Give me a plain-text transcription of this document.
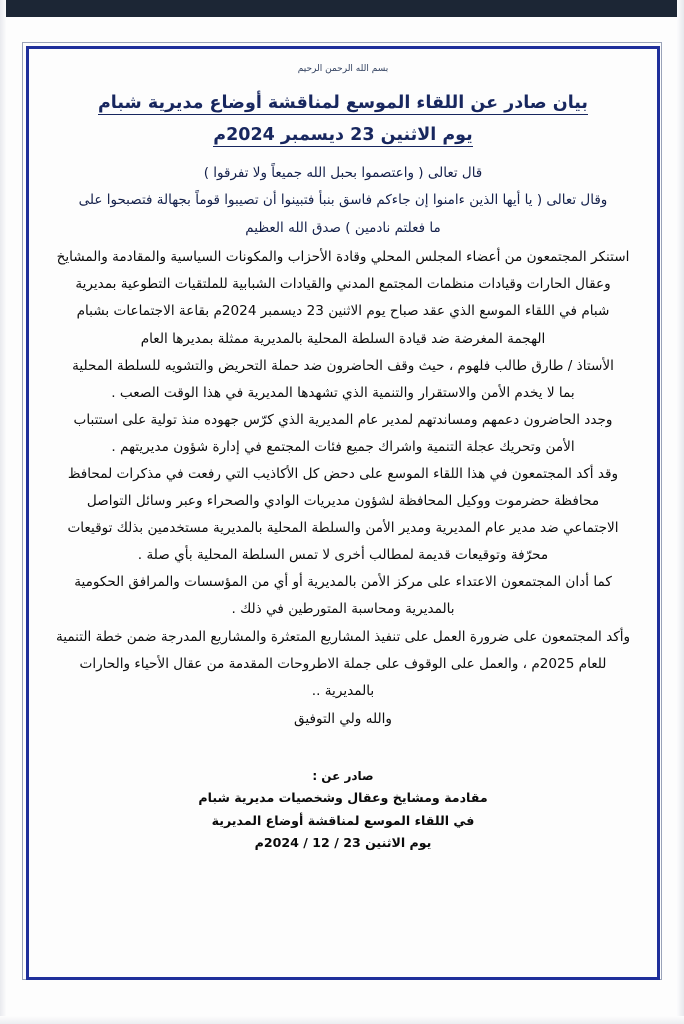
بسم الله الرحمن الرحيم
بيان صادر عن اللقاء الموسع لمناقشة أوضاع مديرية شبام
يوم الاثنين 23 ديسمبر 2024م
قال تعالى ( واعتصموا بحبل الله جميعاً ولا تفرقوا )
وقال تعالى ( يا أيها الذين ءامنوا إن جاءكم فاسق بنبأ فتبينوا أن تصيبوا قوماً بجهالة فتصبحوا على
ما فعلتم نادمين ) صدق الله العظيم
استنكر المجتمعون من أعضاء المجلس المحلي وقادة الأحزاب والمكونات السياسية والمقادمة والمشايخ
وعقال الحارات وقيادات منظمات المجتمع المدني والقيادات الشبابية للملتقيات التطوعية بمديرية
شبام في اللقاء الموسع الذي عقد صباح يوم الاثنين 23 ديسمبر 2024م بقاعة الاجتماعات بشبام
الهجمة المغرضة ضد قيادة السلطة المحلية بالمديرية ممثلة بمديرها العام
الأستاذ / طارق طالب فلهوم ، حيث وقف الحاضرون ضد حملة التحريض والتشويه للسلطة المحلية
بما لا يخدم الأمن والاستقرار والتنمية الذي تشهدها المديرية في هذا الوقت الصعب .
وجدد الحاضرون دعمهم ومساندتهم لمدير عام المديرية الذي كرّس جهوده منذ تولية على استتباب
الأمن وتحريك عجلة التنمية واشراك جميع فئات المجتمع في إدارة شؤون مديريتهم .
وقد أكد المجتمعون في هذا اللقاء الموسع على دحض كل الأكاذيب التي رفعت في مذكرات لمحافظ
محافظة حضرموت ووكيل المحافظة لشؤون مديريات الوادي والصحراء وعبر وسائل التواصل
الاجتماعي ضد مدير عام المديرية ومدير الأمن والسلطة المحلية بالمديرية مستخدمين بذلك توقيعات
محرّفة وتوقيعات قديمة لمطالب أخرى لا تمس السلطة المحلية بأي صلة .
كما أدان المجتمعون الاعتداء على مركز الأمن بالمديرية أو أي من المؤسسات والمرافق الحكومية
بالمديرية ومحاسبة المتورطين في ذلك .
وأكد المجتمعون على ضرورة العمل على تنفيذ المشاريع المتعثرة والمشاريع المدرجة ضمن خطة التنمية
للعام 2025م ، والعمل على الوقوف على جملة الاطروحات المقدمة من عقال الأحياء والحارات
بالمديرية ..
والله ولي التوفيق
صادر عن :
مقادمة ومشايخ وعقال وشخصيات مديرية شبام
في اللقاء الموسع لمناقشة أوضاع المديرية
يوم الاثنين 23 / 12 / 2024م
